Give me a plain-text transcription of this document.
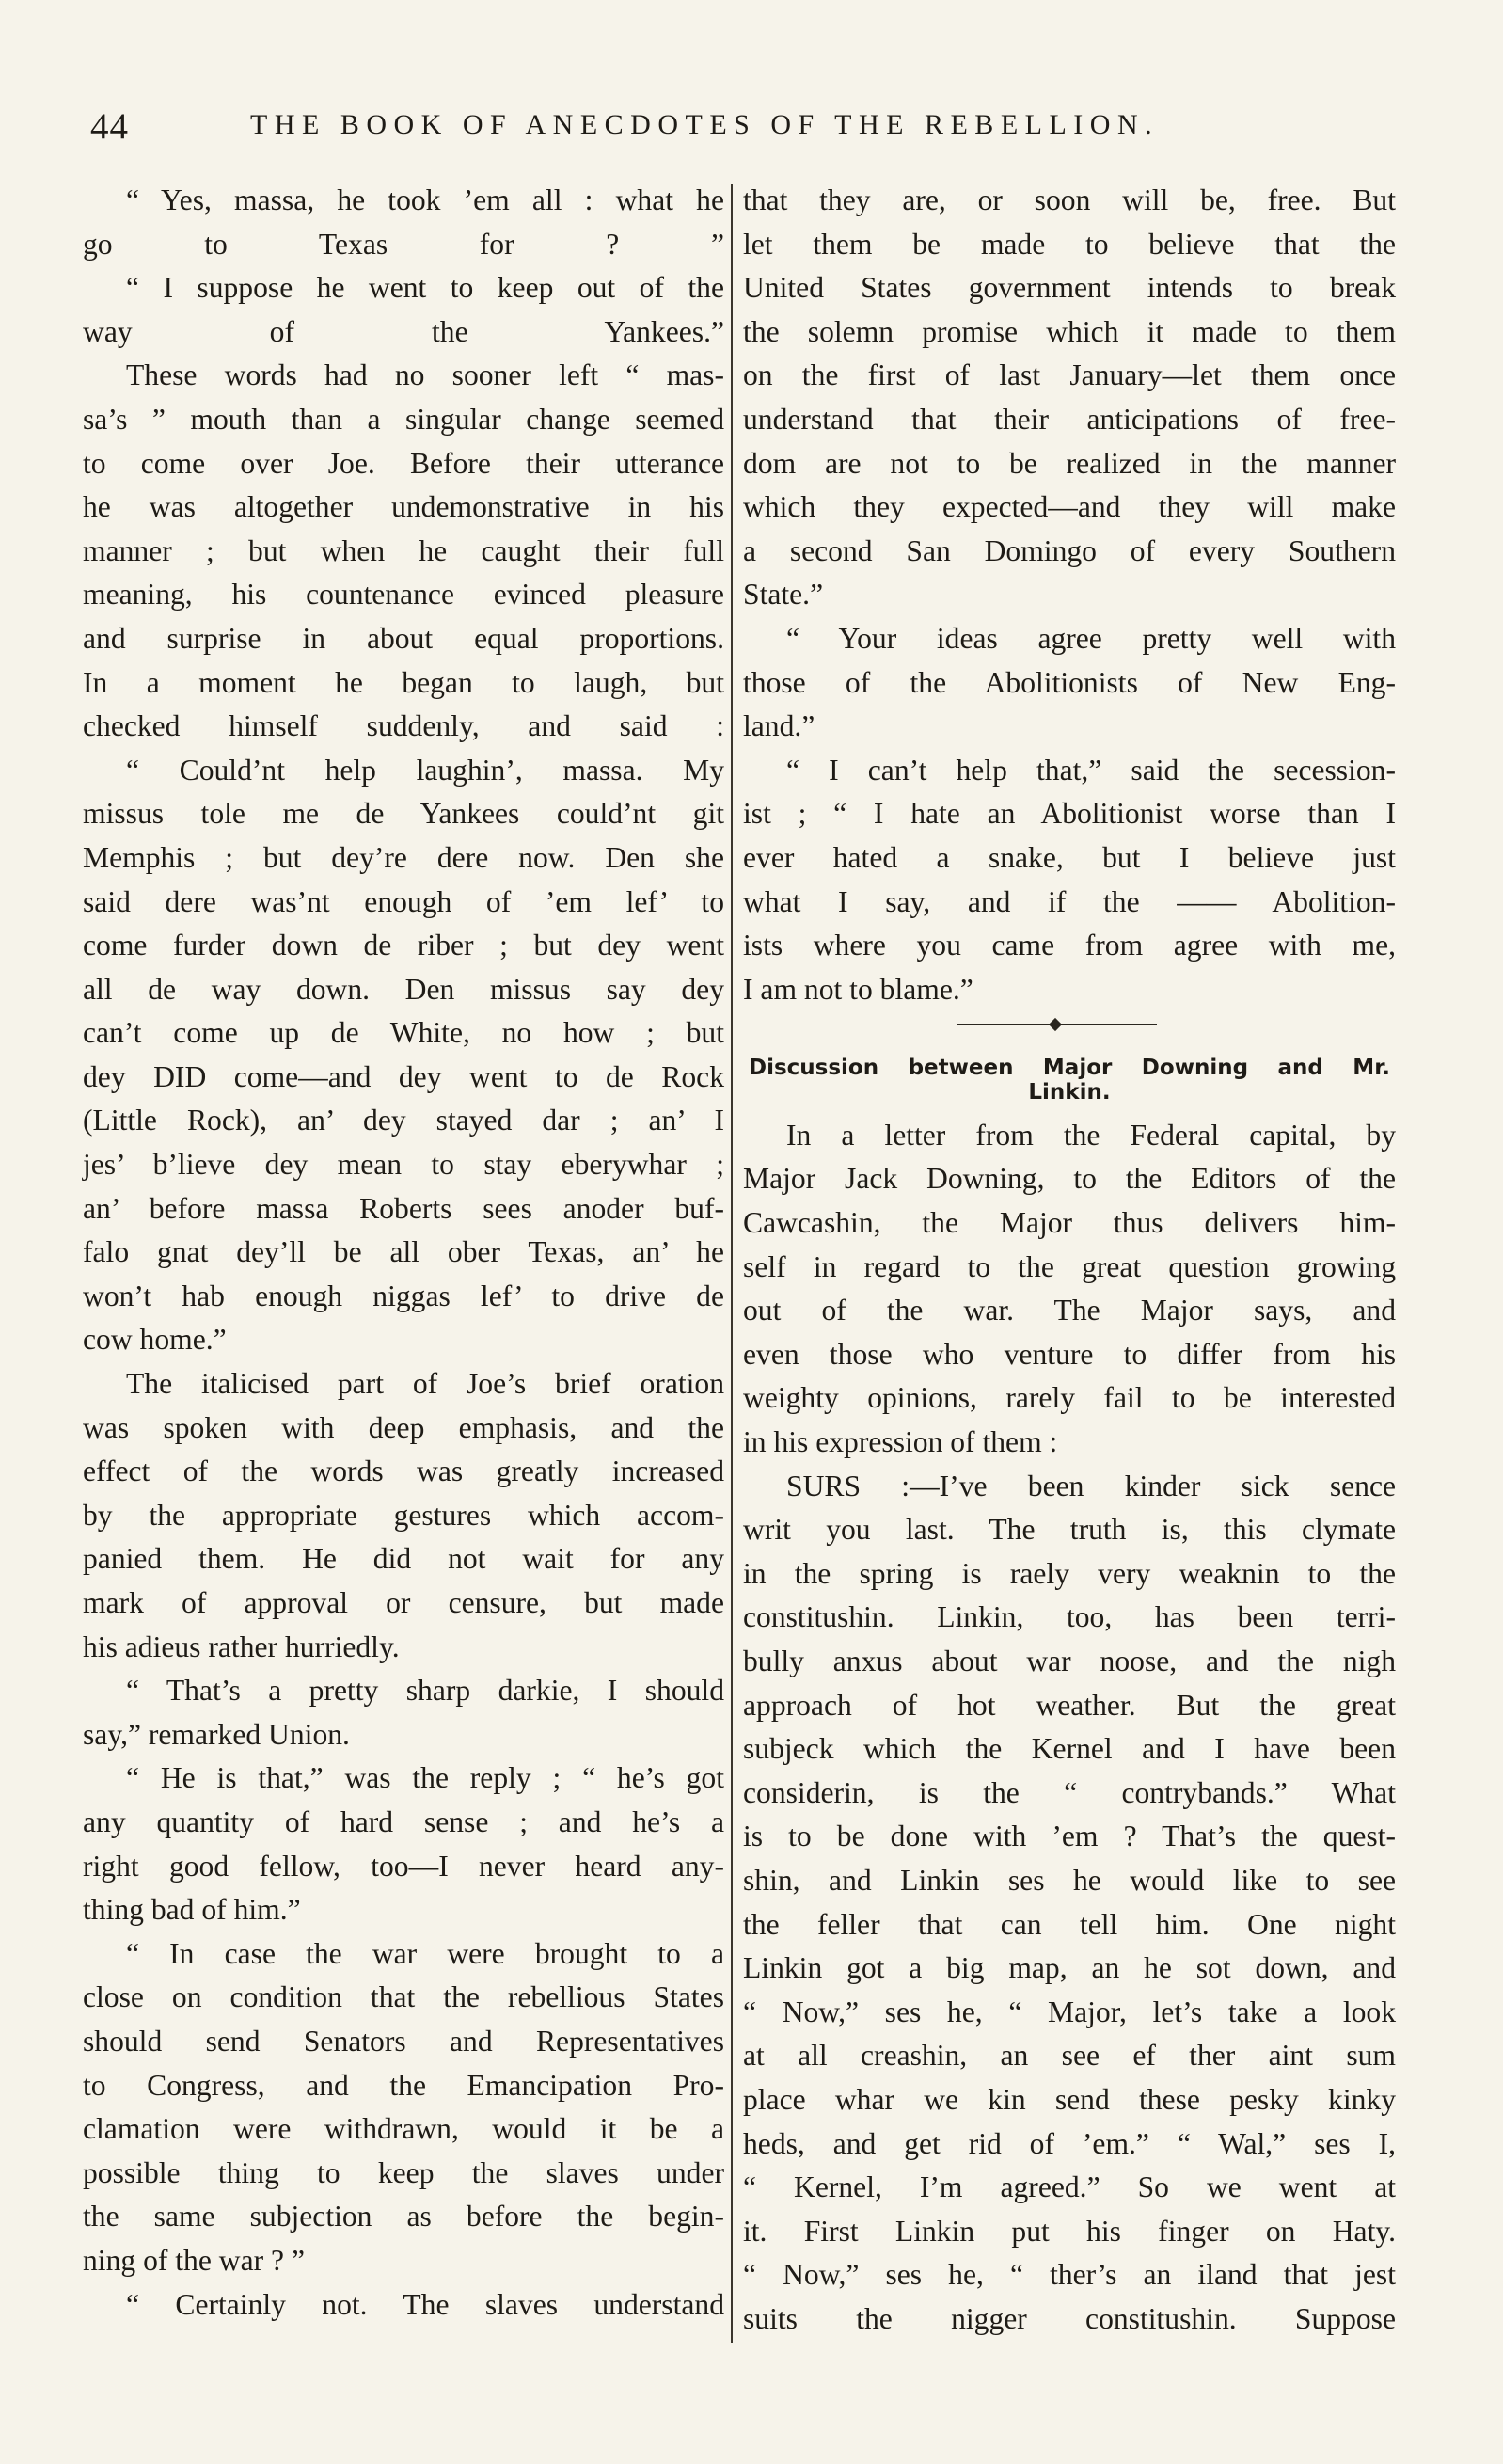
44	THE BOOK OF ANECDOTES OF THE REBELLION.
“ Yes, massa, he took ’em all : what he
go to Texas for ? ”
“ I suppose he went to keep out of the
way of the Yankees.”
These words had no sooner left “ mas-
sa’s ” mouth than a singular change seemed
to come over Joe. Before their utterance
he was altogether undemonstrative in his
manner ; but when he caught their full
meaning, his countenance evinced pleasure
and surprise in about equal proportions.
In a moment he began to laugh, but
checked himself suddenly, and said :
“ Could’nt help laughin’, massa. My
missus tole me de Yankees could’nt git
Memphis ; but dey’re dere now. Den she
said dere was’nt enough of ’em lef’ to
come furder down de riber ; but dey went
all de way down. Den missus say dey
can’t come up de White, no how ; but
dey DID come—and dey went to de Rock
(Little Rock), an’ dey stayed dar ; an’ I
jes’ b’lieve dey mean to stay eberywhar ;
an’ before massa Roberts sees anoder buf-
falo gnat dey’ll be all ober Texas, an’ he
won’t hab enough niggas lef’ to drive de
cow home.”
The italicised part of Joe’s brief oration
was spoken with deep emphasis, and the
effect of the words was greatly increased
by the appropriate gestures which accom-
panied them. He did not wait for any
mark of approval or censure, but made
his adieus rather hurriedly.
“ That’s a pretty sharp darkie, I should
say,” remarked Union.
“ He is that,” was the reply ; “ he’s got
any quantity of hard sense ; and he’s a
right good fellow, too—I never heard any-
thing bad of him.”
“ In case the war were brought to a
close on condition that the rebellious States
should send Senators and Representatives
to Congress, and the Emancipation Pro-
clamation were withdrawn, would it be a
possible thing to keep the slaves under
the same subjection as before the begin-
ning of the war ? ”
“ Certainly not. The slaves understand
that they are, or soon will be, free. But
let them be made to believe that the
United States government intends to break
the solemn promise which it made to them
on the first of last January—let them once
understand that their anticipations of free-
dom are not to be realized in the manner
which they expected—and they will make
a second San Domingo of every Southern
State.”
“ Your ideas agree pretty well with
those of the Abolitionists of New Eng-
land.”
“ I can’t help that,” said the secession-
ist ; “ I hate an Abolitionist worse than I
ever hated a snake, but I believe just
what I say, and if the —— Abolition-
ists where you came from agree with me,
I am not to blame.”
Discussion between Major Downing and Mr.
Linkin.
In a letter from the Federal capital, by
Major Jack Downing, to the Editors of the
Cawcashin, the Major thus delivers him-
self in regard to the great question growing
out of the war. The Major says, and
even those who venture to differ from his
weighty opinions, rarely fail to be interested
in his expression of them :
SURS :—I’ve been kinder sick sence
writ you last. The truth is, this clymate
in the spring is raely very weaknin to the
constitushin. Linkin, too, has been terri-
bully anxus about war noose, and the nigh
approach of hot weather. But the great
subjeck which the Kernel and I have been
considerin, is the “ contrybands.” What
is to be done with ’em ? That’s the quest-
shin, and Linkin ses he would like to see
the feller that can tell him. One night
Linkin got a big map, an he sot down, and
“ Now,” ses he, “ Major, let’s take a look
at all creashin, an see ef ther aint sum
place whar we kin send these pesky kinky
heds, and get rid of ’em.” “ Wal,” ses I,
“ Kernel, I’m agreed.” So we went at
it. First Linkin put his finger on Haty.
“ Now,” ses he, “ ther’s an iland that jest
suits the nigger constitushin. Suppose
